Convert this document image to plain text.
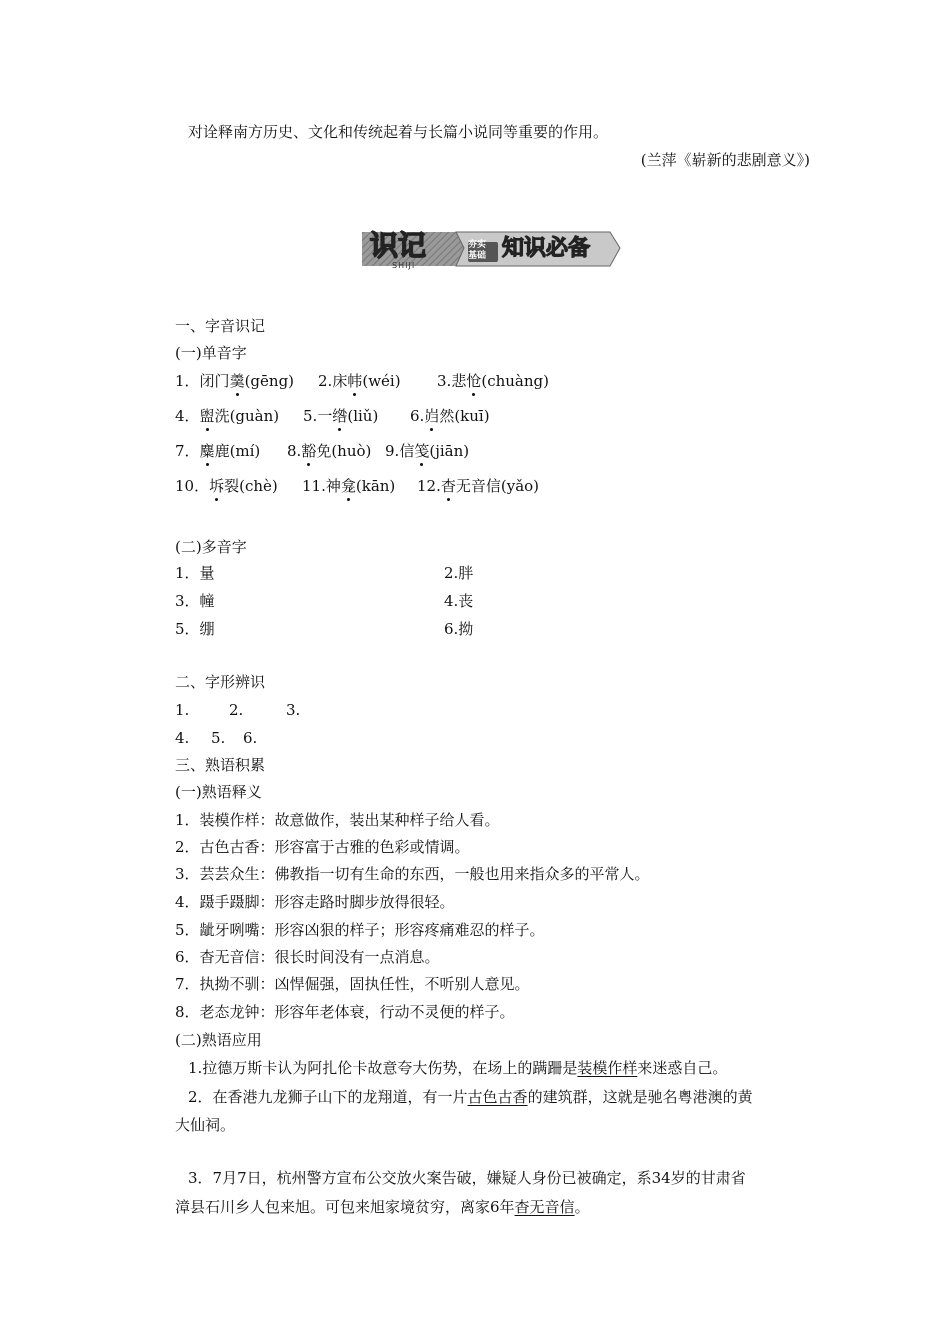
对诠释南方历史、文化和传统起着与长篇小说同等重要的作用。
(兰萍《崭新的悲剧意义》)
识记
SHIJI
夯实
基础 知识必备
一、字音识记
(一)单音字
1．闭门羹(gēng) 2.床帏(wéi) 3.悲怆(chuàng)
4．盥洗(guàn) 5.一绺(liǔ) 6.岿然(kuī)
7．麋鹿(mí) 8.豁免(huò) 9.信笺(jiān)
10．坼裂(chè) 11.神龛(kān) 12.杳无音信(yǎo)
(二)多音字
1．量	2.胖
3．幢	4.丧
5．绷	6.拗
二、字形辨识
1.	2.	3.
4. 5. 6.
三、熟语积累
(一)熟语释义
1．装模作样：故意做作，装出某种样子给人看。
2．古色古香：形容富于古雅的色彩或情调。
3．芸芸众生：佛教指一切有生命的东西，一般也用来指众多的平常人。
4．蹑手蹑脚：形容走路时脚步放得很轻。
5．龇牙咧嘴：形容凶狠的样子；形容疼痛难忍的样子。
6．杳无音信：很长时间没有一点消息。
7．执拗不驯：凶悍倔强，固执任性，不听别人意见。
8．老态龙钟：形容年老体衰，行动不灵便的样子。
(二)熟语应用
1.拉德万斯卡认为阿扎伦卡故意夸大伤势，在场上的蹒跚是装模作样来迷惑自己。
2．在香港九龙狮子山下的龙翔道，有一片古色古香的建筑群，这就是驰名粤港澳的黄
大仙祠。
3．7月7日，杭州警方宣布公交放火案告破，嫌疑人身份已被确定，系34岁的甘肃省
漳县石川乡人包来旭。可包来旭家境贫穷，离家6年杳无音信。
